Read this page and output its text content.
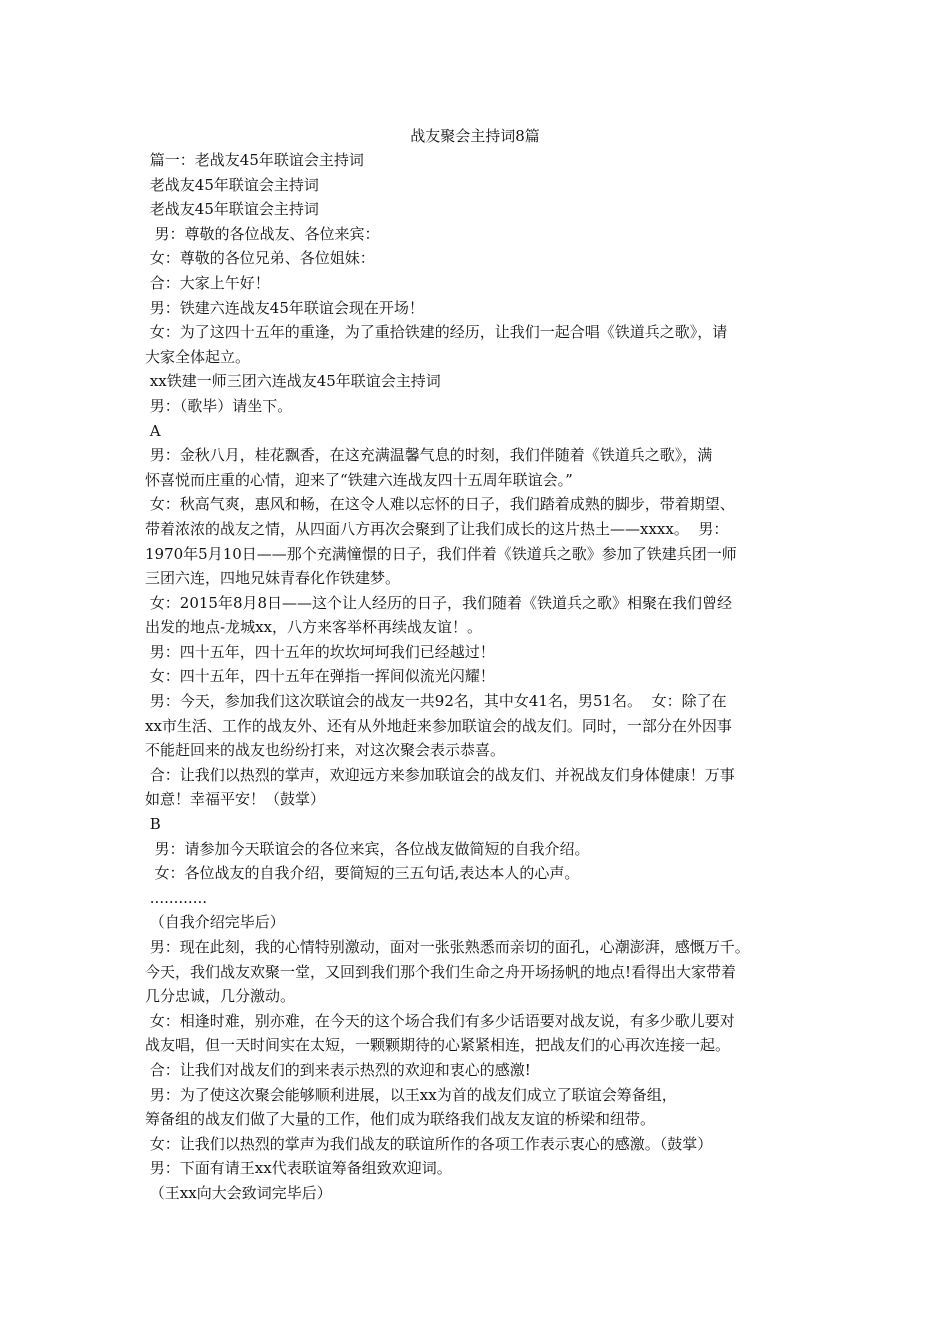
战友聚会主持词8篇

篇一：老战友45年联谊会主持词

老战友45年联谊会主持词

老战友45年联谊会主持词

男：尊敬的各位战友、各位来宾：

女：尊敬的各位兄弟、各位姐妹：

合：大家上午好！

男：铁建六连战友45年联谊会现在开场！

女：为了这四十五年的重逢，为了重拾铁建的经历，让我们一起合唱《铁道兵之歌》，请

大家全体起立。

xx铁建一师三团六连战友45年联谊会主持词

男：（歌毕）请坐下。

A

男：金秋八月，桂花飘香，在这充满温馨气息的时刻，我们伴随着《铁道兵之歌》，满

怀喜悦而庄重的心情，迎来了“铁建六连战友四十五周年联谊会。”

女：秋高气爽，惠风和畅，在这令人难以忘怀的日子，我们踏着成熟的脚步，带着期望、

带着浓浓的战友之情，从四面八方再次会聚到了让我们成长的这片热土——xxxx。  男：

1970年5月10日——那个充满憧憬的日子，我们伴着《铁道兵之歌》参加了铁建兵团一师

三团六连，四地兄妹青春化作铁建梦。

女：2015年8月8日——这个让人经历的日子，我们随着《铁道兵之歌》相聚在我们曾经

出发的地点-龙城xx，八方来客举杯再续战友谊！。

男：四十五年，四十五年的坎坎坷坷我们已经越过！

女：四十五年，四十五年在弹指一挥间似流光闪耀！

男：今天，参加我们这次联谊会的战友一共92名，其中女41名，男51名。  女：除了在

xx市生活、工作的战友外、还有从外地赶来参加联谊会的战友们。同时，一部分在外因事

不能赶回来的战友也纷纷打来，对这次聚会表示恭喜。

合：让我们以热烈的掌声，欢迎远方来参加联谊会的战友们、并祝战友们身体健康！万事

如意！幸福平安！（鼓掌）

B

男：请参加今天联谊会的各位来宾，各位战友做简短的自我介绍。

女：各位战友的自我介绍，要简短的三五句话,表达本人的心声。

............

（自我介绍完毕后）

男：现在此刻，我的心情特别激动，面对一张张熟悉而亲切的面孔，心潮澎湃，感慨万千。

今天，我们战友欢聚一堂，又回到我们那个我们生命之舟开场扬帆的地点!看得出大家带着

几分忠诚，几分激动。

女：相逢时难，别亦难，在今天的这个场合我们有多少话语要对战友说，有多少歌儿要对

战友唱，但一天时间实在太短，一颗颗期待的心紧紧相连，把战友们的心再次连接一起。

合：让我们对战友们的到来表示热烈的欢迎和衷心的感激!

男：为了使这次聚会能够顺利进展，以王xx为首的战友们成立了联谊会筹备组，

筹备组的战友们做了大量的工作，他们成为联络我们战友友谊的桥梁和纽带。

女：让我们以热烈的掌声为我们战友的联谊所作的各项工作表示衷心的感激。（鼓掌）

男：下面有请王xx代表联谊筹备组致欢迎词。

（王xx向大会致词完毕后）
